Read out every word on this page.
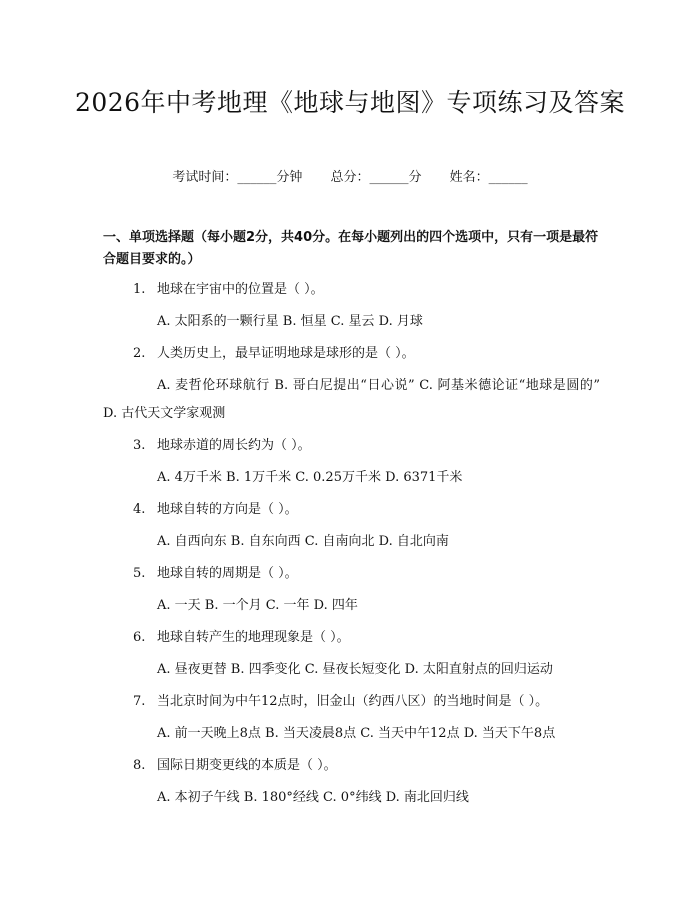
2026年中考地理《地球与地图》专项练习及答案
考试时间：______分钟 总分：______分 姓名：______
一、单项选择题（每小题2分，共40分。在每小题列出的四个选项中，只有一项是最符合题目要求的。）
1. 地球在宇宙中的位置是（ ）。
A. 太阳系的一颗行星 B. 恒星 C. 星云 D. 月球
2. 人类历史上，最早证明地球是球形的是（ ）。
A. 麦哲伦环球航行 B. 哥白尼提出“日心说” C. 阿基米德论证“地球是圆的” D. 古代天文学家观测
3. 地球赤道的周长约为（ ）。
A. 4万千米 B. 1万千米 C. 0.25万千米 D. 6371千米
4. 地球自转的方向是（ ）。
A. 自西向东 B. 自东向西 C. 自南向北 D. 自北向南
5. 地球自转的周期是（ ）。
A. 一天 B. 一个月 C. 一年 D. 四年
6. 地球自转产生的地理现象是（ ）。
A. 昼夜更替 B. 四季变化 C. 昼夜长短变化 D. 太阳直射点的回归运动
7. 当北京时间为中午12点时，旧金山（约西八区）的当地时间是（ ）。
A. 前一天晚上8点 B. 当天凌晨8点 C. 当天中午12点 D. 当天下午8点
8. 国际日期变更线的本质是（ ）。
A. 本初子午线 B. 180°经线 C. 0°纬线 D. 南北回归线
